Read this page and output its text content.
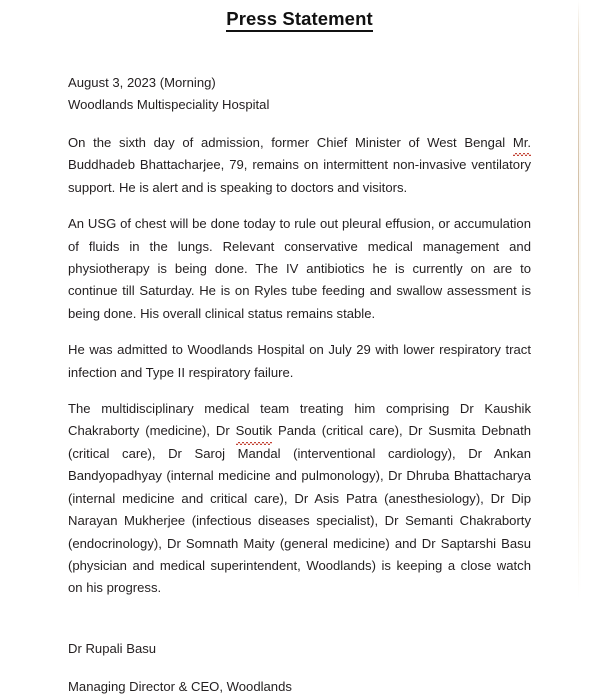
Press Statement
August 3, 2023 (Morning)
Woodlands Multispeciality Hospital

On the sixth day of admission, former Chief Minister of West Bengal Mr. Buddhadeb Bhattacharjee, 79, remains on intermittent non-invasive ventilatory support. He is alert and is speaking to doctors and visitors.

An USG of chest will be done today to rule out pleural effusion, or accumulation of fluids in the lungs. Relevant conservative medical management and physiotherapy is being done. The IV antibiotics he is currently on are to continue till Saturday. He is on Ryles tube feeding and swallow assessment is being done. His overall clinical status remains stable.

He was admitted to Woodlands Hospital on July 29 with lower respiratory tract infection and Type II respiratory failure.

The multidisciplinary medical team treating him comprising Dr Kaushik Chakraborty (medicine), Dr Soutik Panda (critical care), Dr Susmita Debnath (critical care), Dr Saroj Mandal (interventional cardiology), Dr Ankan Bandyopadhyay (internal medicine and pulmonology), Dr Dhruba Bhattacharya (internal medicine and critical care), Dr Asis Patra (anesthesiology), Dr Dip Narayan Mukherjee (infectious diseases specialist), Dr Semanti Chakraborty (endocrinology), Dr Somnath Maity (general medicine) and Dr Saptarshi Basu (physician and medical superintendent, Woodlands) is keeping a close watch on his progress.

Dr Rupali Basu
Managing Director & CEO, Woodlands
